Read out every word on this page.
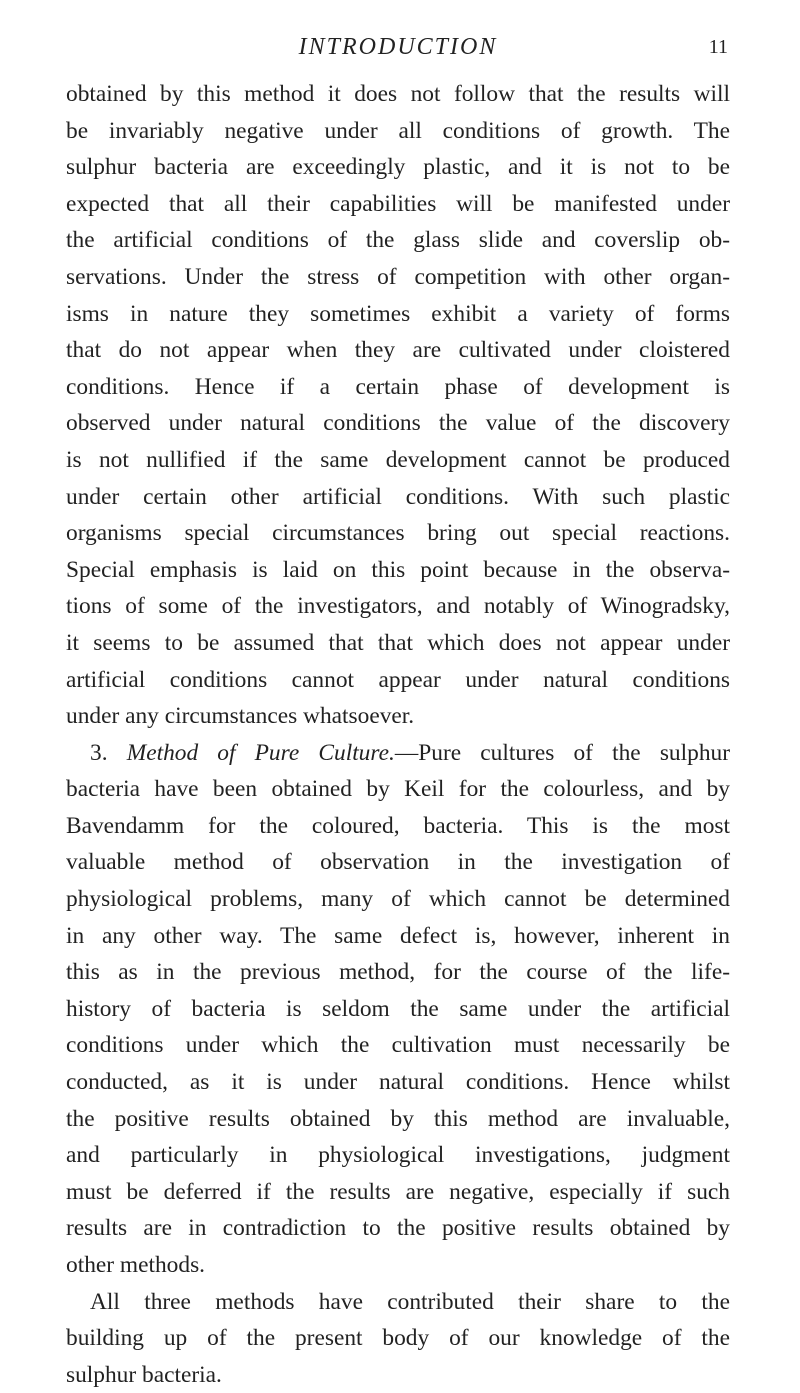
INTRODUCTION	11
obtained by this method it does not follow that the results will
be invariably negative under all conditions of growth. The
sulphur bacteria are exceedingly plastic, and it is not to be
expected that all their capabilities will be manifested under
the artificial conditions of the glass slide and coverslip ob-
servations. Under the stress of competition with other organ-
isms in nature they sometimes exhibit a variety of forms
that do not appear when they are cultivated under cloistered
conditions. Hence if a certain phase of development is
observed under natural conditions the value of the discovery
is not nullified if the same development cannot be produced
under certain other artificial conditions. With such plastic
organisms special circumstances bring out special reactions.
Special emphasis is laid on this point because in the observa-
tions of some of the investigators, and notably of Winogradsky,
it seems to be assumed that that which does not appear under
artificial conditions cannot appear under natural conditions
under any circumstances whatsoever.
3. Method of Pure Culture.—Pure cultures of the sulphur
bacteria have been obtained by Keil for the colourless, and by
Bavendamm for the coloured, bacteria. This is the most
valuable method of observation in the investigation of
physiological problems, many of which cannot be determined
in any other way. The same defect is, however, inherent in
this as in the previous method, for the course of the life-
history of bacteria is seldom the same under the artificial
conditions under which the cultivation must necessarily be
conducted, as it is under natural conditions. Hence whilst
the positive results obtained by this method are invaluable,
and particularly in physiological investigations, judgment
must be deferred if the results are negative, especially if such
results are in contradiction to the positive results obtained by
other methods.
All three methods have contributed their share to the
building up of the present body of our knowledge of the
sulphur bacteria.
